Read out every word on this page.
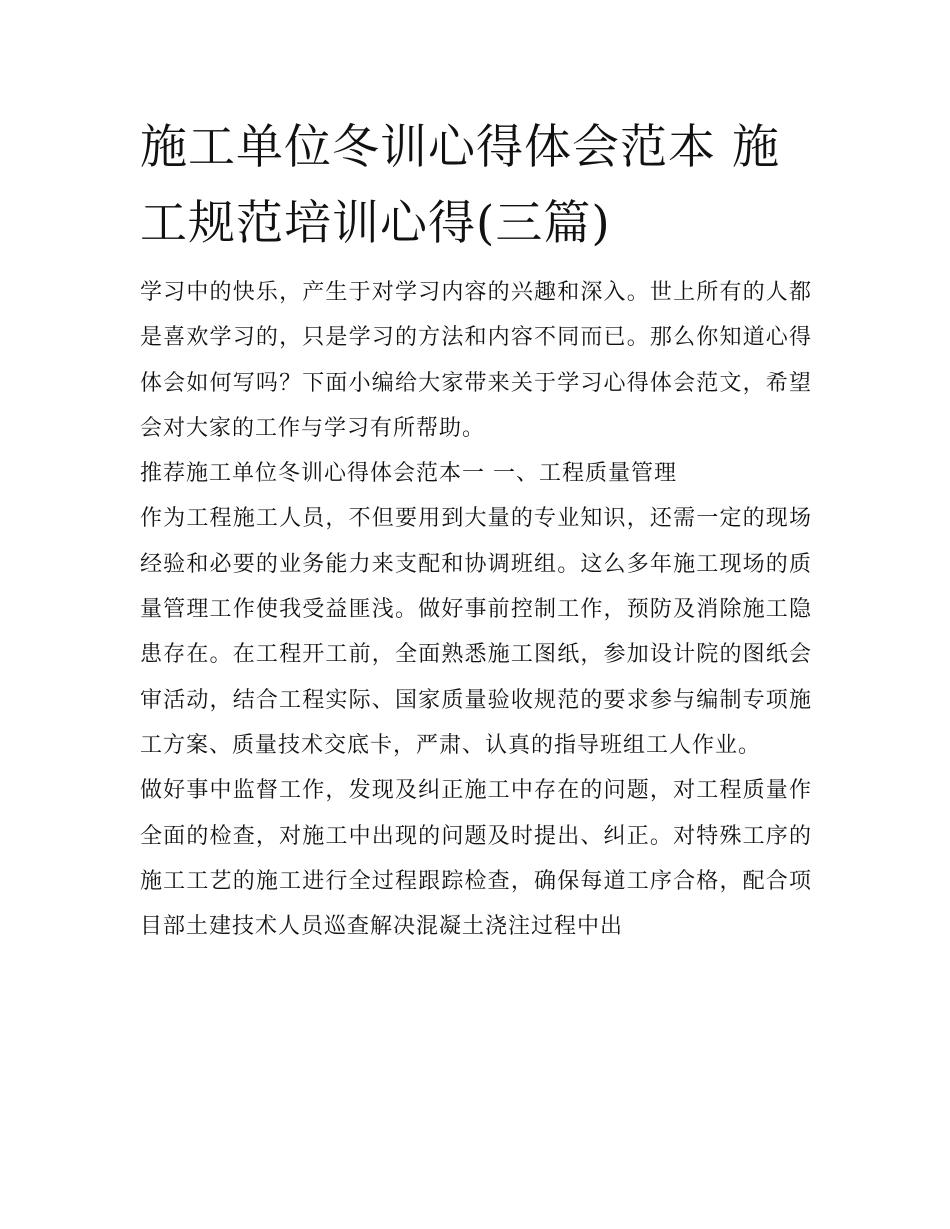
施工单位冬训心得体会范本 施工规范培训心得(三篇)

学习中的快乐，产生于对学习内容的兴趣和深入。世上所有的人都是喜欢学习的，只是学习的方法和内容不同而已。那么你知道心得体会如何写吗？下面小编给大家带来关于学习心得体会范文，希望会对大家的工作与学习有所帮助。

推荐施工单位冬训心得体会范本一 一、工程质量管理

作为工程施工人员，不但要用到大量的专业知识，还需一定的现场经验和必要的业务能力来支配和协调班组。这么多年施工现场的质量管理工作使我受益匪浅。做好事前控制工作，预防及消除施工隐患存在。在工程开工前，全面熟悉施工图纸，参加设计院的图纸会审活动，结合工程实际、国家质量验收规范的要求参与编制专项施工方案、质量技术交底卡，严肃、认真的指导班组工人作业。

做好事中监督工作，发现及纠正施工中存在的问题，对工程质量作全面的检查，对施工中出现的问题及时提出、纠正。对特殊工序的施工工艺的施工进行全过程跟踪检查，确保每道工序合格，配合项目部土建技术人员巡查解决混凝土浇注过程中出
